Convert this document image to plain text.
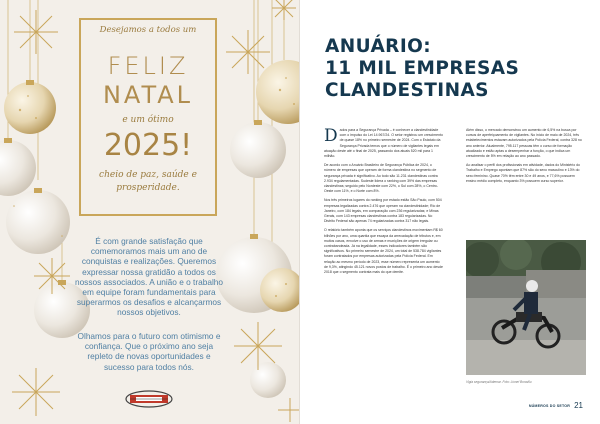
Desejamos a todos um
FELIZ
NATAL
e um ótimo
2025!
cheio de paz, saúde e prosperidade.

É com grande satisfação que comemoramos mais um ano de conquistas e realizações. Queremos expressar nossa gratidão a todos os nossos associados. A união e o trabalho em equipe foram fundamentais para superarmos os desafios e alcançarmos nossos objetivos.

Olhamos para o futuro com otimismo e confiança. Que o próximo ano seja repleto de novas oportunidades e sucesso para todos nós.

ANUÁRIO:
11 MIL EMPRESAS
CLANDESTINAS

Dados para a Segurança Privada – é conhecer a clandestinidade com o impulso do Lei 14.967/24. O setor registrou um crescimento de quase 18% no primeiro semestre de 2024. Com o Estatuto da Segurança Privada temos que o número de vigilantes legais em atuação deste até o final de 2025, passando dos atuais 520 mil para 1 milhão.

De acordo com o Anuário Brasileiro de Segurança Pública de 2024, o número de empresas que operam de forma clandestina no segmento de segurança privada é significativo. Ao todo são 11.231 clandestinas contra 2.934 regulamentadas. Sudeste lidera o ranking com 39% das empresas clandestinas; seguido pelo Nordeste com 22%, o Sul com 28%, o Centro-Oeste com 11%, e o Norte com 8%.

Nos três primeiros lugares do ranking por estado estão São Paulo, com 504 empresas legalizadas contra 2.476 que operam na clandestinidade; Rio de Janeiro, com 184 legais, em comparação com 236 regularizadas; e Minas Gerais, com 143 empresas clandestinas contra 183 regularizadas. No Distrito Federal são apenas 74 regularizadas contra 317 não legais.

O relatório também aponta que os serviços clandestinos movimentam R$ 60 bilhões por ano, uma quantia que escapa da arrecadação de tributos e, em muitos casos, envolve o uso de armas e munições de origem irregular ou contrabandeada. Já na legalidade, esses indicadores também são significativos. No primeiro semestre de 2024, um total de 538.784 vigilantes foram contratados por empresas autorizadas pela Polícia Federal. Em relação ao mesmo período de 2023, esse número representa um aumento de 9,3%, atingindo 45.121 novos postos de trabalho. É o primeiro ano desde 2018 que o segmento contrata mais do que demite.

Além disso, o mercado demonstrou um aumento de 6,5% na busca por cursos de aperfeiçoamento de vigilantes. No início de maio de 2024, três estabelecimentos estavam autorizados pela Polícia Federal, contra 328 no ano anterior. Atualmente, 795.117 pessoas têm o curso de formação atualizado e estão aptas a desempenhar a função, o que indica um crescimento de 5% em relação ao ano passado.

Ao analisar o perfil dos profissionais em atividade, dados do Ministério do Trabalho e Emprego apontam que 87% são do sexo masculino e 13% do sexo feminino. Quase 70% têm entre 30 e 49 anos, e 77,6% possuem ensino médio completo, enquanto 3% possuem curso superior.

Vigia segurança/Ademar. Foto: Lionel Bona/ilu
NÚMEROS DO SETOR 21
